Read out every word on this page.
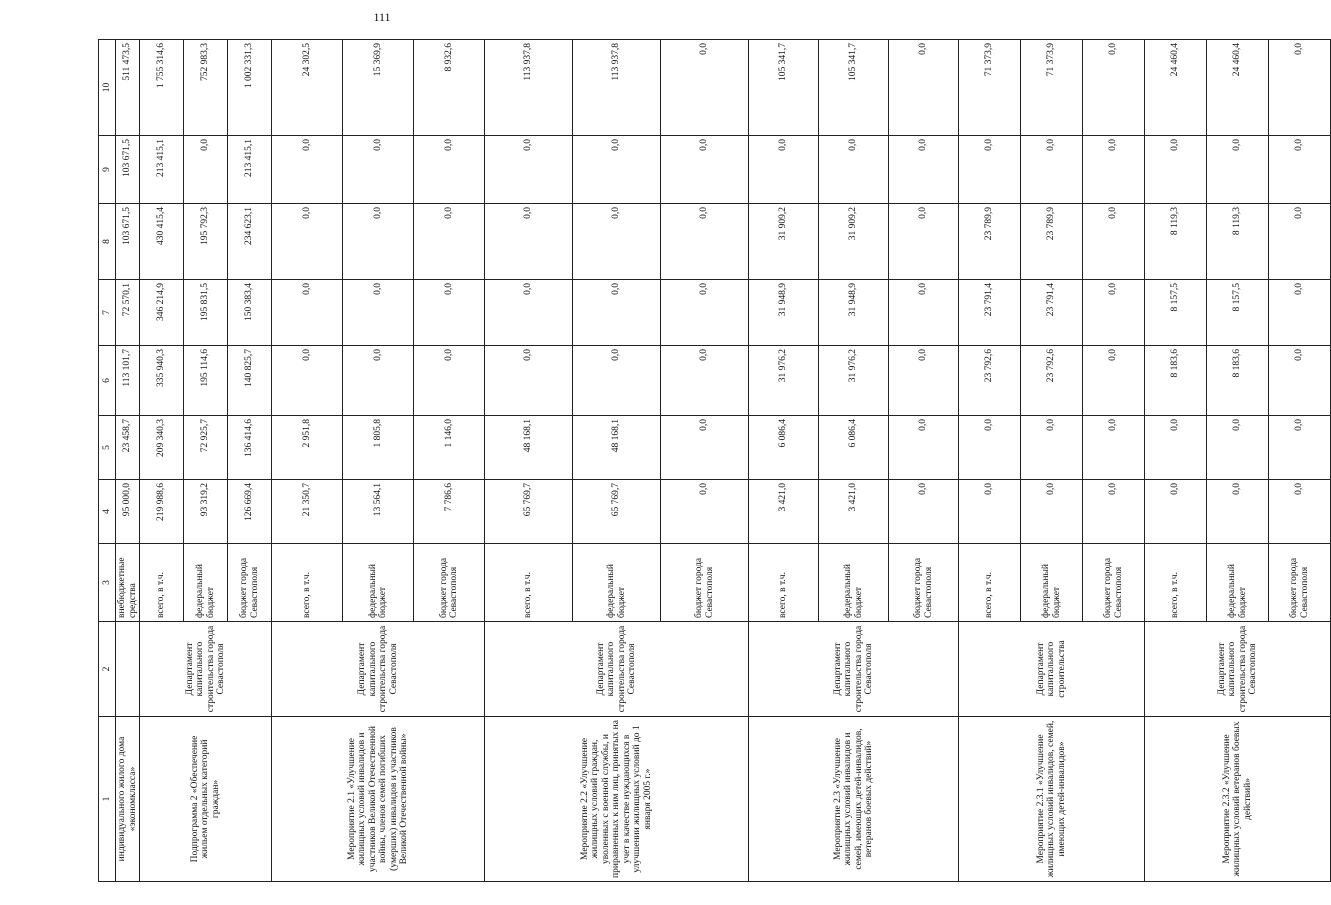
111
1	2	3	4	5	6	7	8	9	10
индивидуального жилого дома «экономкласса»		внебюджетные средства	95 000,0	23 458,7	113 101,7	72 570,1	103 671,5	103 671,5	511 473,5
Подпрограмма 2 «Обеспечение жильем отдельных категорий граждан»	Департамент капитального строительства города Севастополя	всего, в т.ч.	219 988,6	209 340,3	335 940,3	346 214,9	430 415,4	213 415,1	1 755 314,6
		федеральный бюджет	93 319,2	72 925,7	195 114,6	195 831,5	195 792,3	0,0	752 983,3
		бюджет города Севастополя	126 669,4	136 414,6	140 825,7	150 383,4	234 623,1	213 415,1	1 002 331,3
Мероприятие 2.1 «Улучшение жилищных условий инвалидов и участников Великой Отечественной войны, членов семей погибших (умерших) инвалидов и участников Великой Отечественной войны»	Департамент капитального строительства города Севастополя	всего, в т.ч.	21 350,7	2 951,8	0,0	0,0	0,0	0,0	24 302,5
		федеральный бюджет	13 564,1	1 805,8	0,0	0,0	0,0	0,0	15 369,9
		бюджет города Севастополя	7 786,6	1 146,0	0,0	0,0	0,0	0,0	8 932,6
Мероприятие 2.2 «Улучшение жилищных условий граждан, уволенных с военной службы, и приравненных к ним лиц, принятых на учет в качестве нуждающихся в улучшении жилищных условий до 1 января 2005 г.»	Департамент капитального строительства города Севастополя	всего, в т.ч.	65 769,7	48 168,1	0,0	0,0	0,0	0,0	113 937,8
		федеральный бюджет	65 769,7	48 168,1	0,0	0,0	0,0	0,0	113 937,8
		бюджет города Севастополя	0,0	0,0	0,0	0,0	0,0	0,0	0,0
Мероприятие 2.3 «Улучшение жилищных условий инвалидов и семей, имеющих детей-инвалидов, ветеранов боевых действий»	Департамент капитального строительства города Севастополя	всего, в т.ч.	3 421,0	6 086,4	31 976,2	31 948,9	31 909,2	0,0	105 341,7
		федеральный бюджет	3 421,0	6 086,4	31 976,2	31 948,9	31 909,2	0,0	105 341,7
		бюджет города Севастополя	0,0	0,0	0,0	0,0	0,0	0,0	0,0
Мероприятие 2.3.1 «Улучшение жилищных условий инвалидов, семей, имеющих детей-инвалидов»	Департамент капитального строительства	всего, в т.ч.	0,0	0,0	23 792,6	23 791,4	23 789,9	0,0	71 373,9
		федеральный бюджет	0,0	0,0	23 792,6	23 791,4	23 789,9	0,0	71 373,9
		бюджет города Севастополя	0,0	0,0	0,0	0,0	0,0	0,0	0,0
Мероприятие 2.3.2 «Улучшение жилищных условий ветеранов боевых действий»	Департамент капитального строительства города Севастополя	всего, в т.ч.	0,0	0,0	8 183,6	8 157,5	8 119,3	0,0	24 460,4
		федеральный бюджет	0,0	0,0	8 183,6	8 157,5	8 119,3	0,0	24 460,4
		бюджет города Севастополя	0,0	0,0	0,0	0,0	0,0	0,0	0,0
